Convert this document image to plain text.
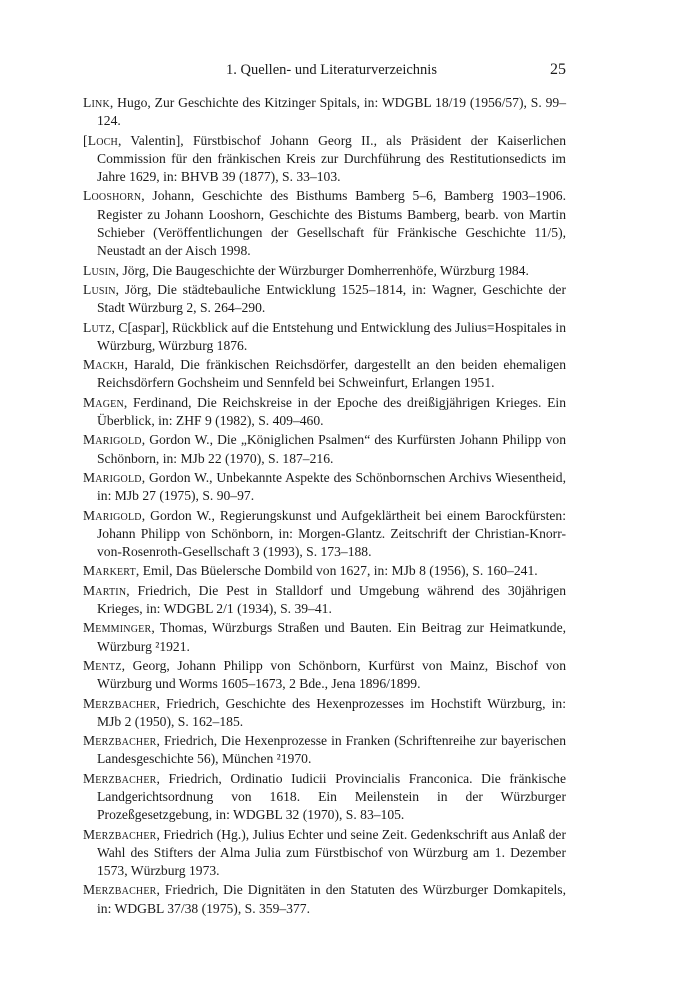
1. Quellen- und Literaturverzeichnis	25
Link, Hugo, Zur Geschichte des Kitzinger Spitals, in: WDGBL 18/19 (1956/57), S. 99–124.
[Loch, Valentin], Fürstbischof Johann Georg II., als Präsident der Kaiserlichen Commission für den fränkischen Kreis zur Durchführung des Restitutionsedicts im Jahre 1629, in: BHVB 39 (1877), S. 33–103.
Looshorn, Johann, Geschichte des Bisthums Bamberg 5–6, Bamberg 1903–1906. Register zu Johann Looshorn, Geschichte des Bistums Bamberg, bearb. von Martin Schieber (Veröffentlichungen der Gesellschaft für Fränkische Geschichte 11/5), Neustadt an der Aisch 1998.
Lusin, Jörg, Die Baugeschichte der Würzburger Domherrenhöfe, Würzburg 1984.
Lusin, Jörg, Die städtebauliche Entwicklung 1525–1814, in: Wagner, Geschichte der Stadt Würzburg 2, S. 264–290.
Lutz, C[aspar], Rückblick auf die Entstehung und Entwicklung des Julius=Hospitales in Würzburg, Würzburg 1876.
Mackh, Harald, Die fränkischen Reichsdörfer, dargestellt an den beiden ehemaligen Reichsdörfern Gochsheim und Sennfeld bei Schweinfurt, Erlangen 1951.
Magen, Ferdinand, Die Reichskreise in der Epoche des dreißigjährigen Krieges. Ein Überblick, in: ZHF 9 (1982), S. 409–460.
Marigold, Gordon W., Die „Königlichen Psalmen“ des Kurfürsten Johann Philipp von Schönborn, in: MJb 22 (1970), S. 187–216.
Marigold, Gordon W., Unbekannte Aspekte des Schönbornschen Archivs Wiesentheid, in: MJb 27 (1975), S. 90–97.
Marigold, Gordon W., Regierungskunst und Aufgeklärtheit bei einem Barockfürsten: Johann Philipp von Schönborn, in: Morgen-Glantz. Zeitschrift der Christian-Knorr-von-Rosenroth-Gesellschaft 3 (1993), S. 173–188.
Markert, Emil, Das Büelersche Dombild von 1627, in: MJb 8 (1956), S. 160–241.
Martin, Friedrich, Die Pest in Stalldorf und Umgebung während des 30jährigen Krieges, in: WDGBL 2/1 (1934), S. 39–41.
Memminger, Thomas, Würzburgs Straßen und Bauten. Ein Beitrag zur Heimatkunde, Würzburg ²1921.
Mentz, Georg, Johann Philipp von Schönborn, Kurfürst von Mainz, Bischof von Würzburg und Worms 1605–1673, 2 Bde., Jena 1896/1899.
Merzbacher, Friedrich, Geschichte des Hexenprozesses im Hochstift Würzburg, in: MJb 2 (1950), S. 162–185.
Merzbacher, Friedrich, Die Hexenprozesse in Franken (Schriftenreihe zur bayerischen Landesgeschichte 56), München ²1970.
Merzbacher, Friedrich, Ordinatio Iudicii Provincialis Franconica. Die fränkische Landgerichtsordnung von 1618. Ein Meilenstein in der Würzburger Prozeßgesetzgebung, in: WDGBL 32 (1970), S. 83–105.
Merzbacher, Friedrich (Hg.), Julius Echter und seine Zeit. Gedenkschrift aus Anlaß der Wahl des Stifters der Alma Julia zum Fürstbischof von Würzburg am 1. Dezember 1573, Würzburg 1973.
Merzbacher, Friedrich, Die Dignitäten in den Statuten des Würzburger Domkapitels, in: WDGBL 37/38 (1975), S. 359–377.
